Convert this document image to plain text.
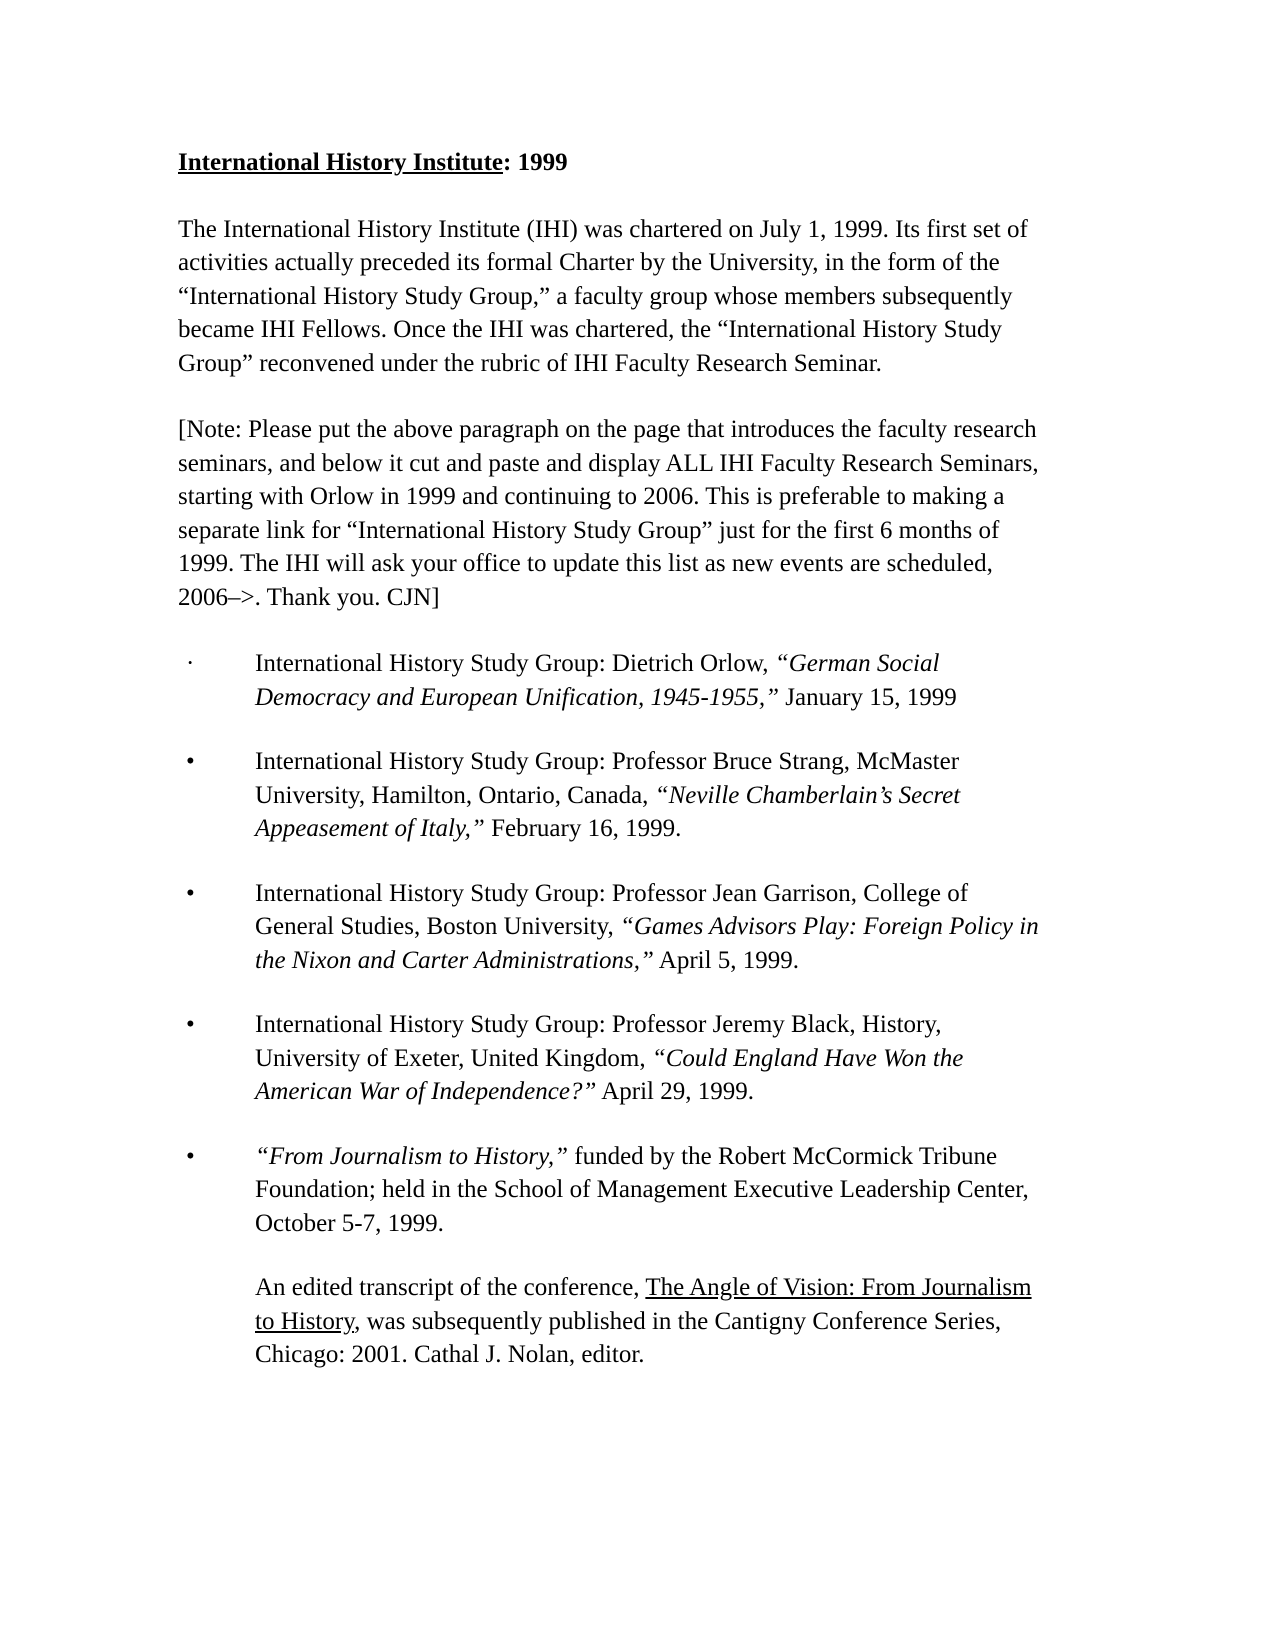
International History Institute: 1999

The International History Institute (IHI) was chartered on July 1, 1999. Its first set of activities actually preceded its formal Charter by the University, in the form of the “International History Study Group,” a faculty group whose members subsequently became IHI Fellows. Once the IHI was chartered, the “International History Study Group” reconvened under the rubric of IHI Faculty Research Seminar.

[Note: Please put the above paragraph on the page that introduces the faculty research seminars, and below it cut and paste and display ALL IHI Faculty Research Seminars, starting with Orlow in 1999 and continuing to 2006. This is preferable to making a separate link for “International History Study Group” just for the first 6 months of 1999. The IHI will ask your office to update this list as new events are scheduled, 2006–>. Thank you. CJN]

· International History Study Group: Dietrich Orlow, “German Social Democracy and European Unification, 1945-1955,” January 15, 1999
• International History Study Group: Professor Bruce Strang, McMaster University, Hamilton, Ontario, Canada, “Neville Chamberlain’s Secret Appeasement of Italy,” February 16, 1999.
• International History Study Group: Professor Jean Garrison, College of General Studies, Boston University, “Games Advisors Play: Foreign Policy in the Nixon and Carter Administrations,” April 5, 1999.
• International History Study Group: Professor Jeremy Black, History, University of Exeter, United Kingdom, “Could England Have Won the American War of Independence?” April 29, 1999.
• “From Journalism to History,” funded by the Robert McCormick Tribune Foundation; held in the School of Management Executive Leadership Center, October 5-7, 1999.

An edited transcript of the conference, The Angle of Vision: From Journalism to History, was subsequently published in the Cantigny Conference Series, Chicago: 2001. Cathal J. Nolan, editor.
